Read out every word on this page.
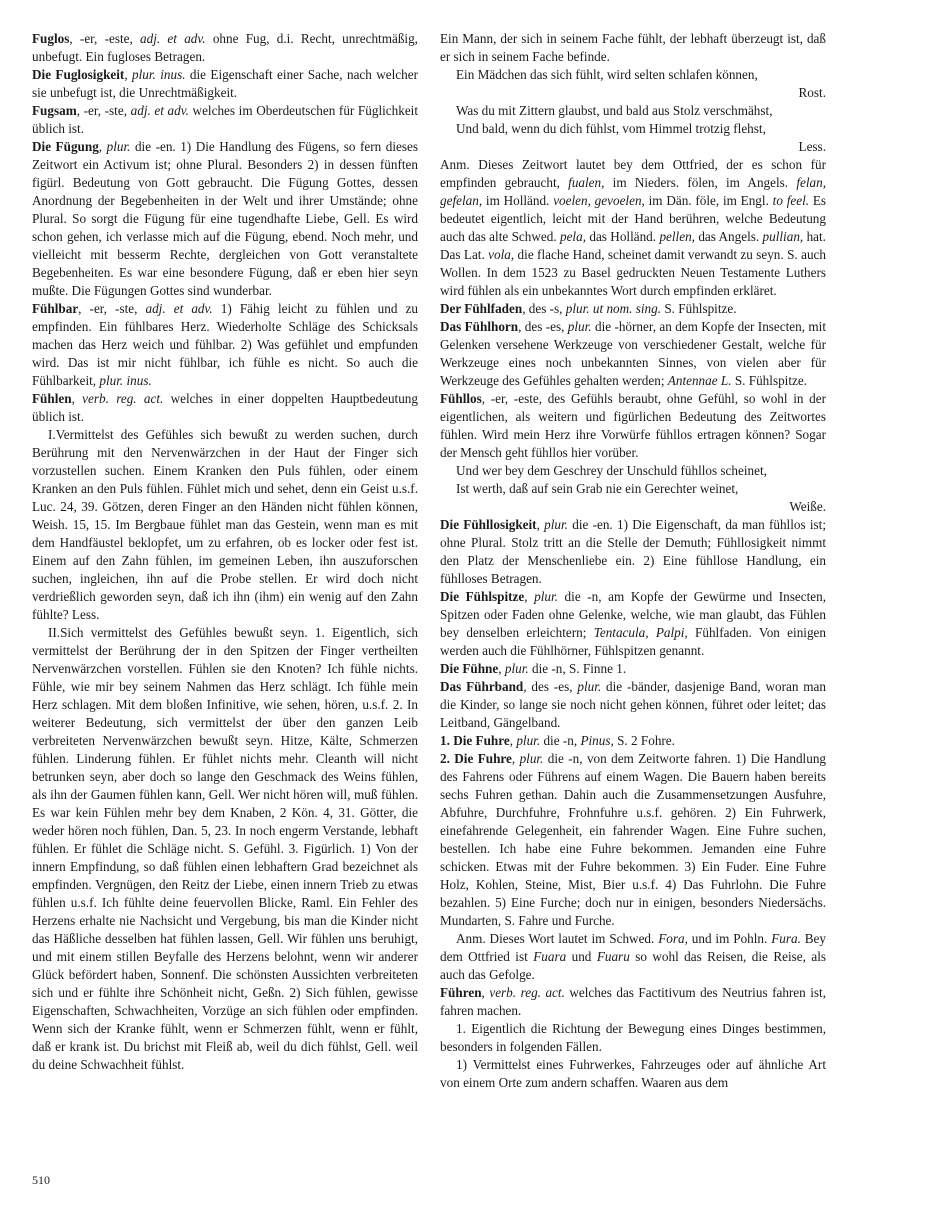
Fuglos, -er, -este, adj. et adv. ohne Fug, d.i. Recht, unrechtmäßig, unbefugt. Ein fugloses Betragen.

Die Fuglosigkeit, plur. inus. die Eigenschaft einer Sache, nach welcher sie unbefugt ist, die Unrechtmäßigkeit.

Fugsam, -er, -ste, adj. et adv. welches im Oberdeutschen für Füglichkeit üblich ist.

Die Fügung, plur. die -en. 1) Die Handlung des Fügens, so fern dieses Zeitwort ein Activum ist; ohne Plural. Besonders 2) in dessen fünften figürl. Bedeutung von Gott gebraucht. Die Fügung Gottes, dessen Anordnung der Begebenheiten in der Welt und ihrer Umstände; ohne Plural. So sorgt die Fügung für eine tugendhafte Liebe, Gell. Es wird schon gehen, ich verlasse mich auf die Fügung, ebend. Noch mehr, und vielleicht mit besserm Rechte, dergleichen von Gott veranstaltete Begebenheiten. Es war eine besondere Fügung, daß er eben hier seyn mußte. Die Fügungen Gottes sind wunderbar.

Fühlbar, -er, -ste, adj. et adv. 1) Fähig leicht zu fühlen und zu empfinden. Ein fühlbares Herz. Wiederholte Schläge des Schicksals machen das Herz weich und fühlbar. 2) Was gefühlet und empfunden wird. Das ist mir nicht fühlbar, ich fühle es nicht. So auch die Fühlbarkeit, plur. inus.

Fühlen, verb. reg. act. welches in einer doppelten Hauptbedeutung üblich ist.

I.Vermittelst des Gefühles sich bewußt zu werden suchen, durch Berührung mit den Nervenwärzchen in der Haut der Finger sich vorzustellen suchen. Einem Kranken den Puls fühlen, oder einem Kranken an den Puls fühlen. Fühlet mich und sehet, denn ein Geist u.s.f. Luc. 24, 39. Götzen, deren Finger an den Händen nicht fühlen können, Weish. 15, 15. Im Bergbaue fühlet man das Gestein, wenn man es mit dem Handfäustel beklopfet, um zu erfahren, ob es locker oder fest ist. Einem auf den Zahn fühlen, im gemeinen Leben, ihn auszuforschen suchen, ingleichen, ihn auf die Probe stellen. Er wird doch nicht verdrießlich geworden seyn, daß ich ihn (ihm) ein wenig auf den Zahn fühlte? Less.

II.Sich vermittelst des Gefühles bewußt seyn. 1. Eigentlich, sich vermittelst der Berührung der in den Spitzen der Finger vertheilten Nervenwärzchen vorstellen. Fühlen sie den Knoten? Ich fühle nichts. Fühle, wie mir bey seinem Nahmen das Herz schlägt. Ich fühle mein Herz schlagen. Mit dem bloßen Infinitive, wie sehen, hören, u.s.f. 2. In weiterer Bedeutung, sich vermittelst der über den ganzen Leib verbreiteten Nervenwärzchen bewußt seyn. Hitze, Kälte, Schmerzen fühlen. Linderung fühlen. Er fühlet nichts mehr. Cleanth will nicht betrunken seyn, aber doch so lange den Geschmack des Weins fühlen, als ihn der Gaumen fühlen kann, Gell. Wer nicht hören will, muß fühlen. Es war kein Fühlen mehr bey dem Knaben, 2 Kön. 4, 31. Götter, die weder hören noch fühlen, Dan. 5, 23. In noch engerm Verstande, lebhaft fühlen. Er fühlet die Schläge nicht. S. Gefühl. 3. Figürlich. 1) Von der innern Empfindung, so daß fühlen einen lebhaftern Grad bezeichnet als empfinden. Vergnügen, den Reitz der Liebe, einen innern Trieb zu etwas fühlen u.s.f. Ich fühlte deine feuervollen Blicke, Raml. Ein Fehler des Herzens erhalte nie Nachsicht und Vergebung, bis man die Kinder nicht das Häßliche desselben hat fühlen lassen, Gell. Wir fühlen uns beruhigt, und mit einem stillen Beyfalle des Herzens belohnt, wenn wir anderer Glück befördert haben, Sonnenf. Die schönsten Aussichten verbreiteten sich und er fühlte ihre Schönheit nicht, Geßn. 2) Sich fühlen, gewisse Eigenschaften, Schwachheiten, Vorzüge an sich fühlen oder empfinden. Wenn sich der Kranke fühlt, wenn er Schmerzen fühlt, wenn er fühlt, daß er krank ist. Du brichst mit Fleiß ab, weil du dich fühlst, Gell. weil du deine Schwachheit fühlst.

Ein Mann, der sich in seinem Fache fühlt, der lebhaft überzeugt ist, daß er sich in seinem Fache befinde.

Ein Mädchen das sich fühlt, wird selten schlafen können,

Rost.

Was du mit Zittern glaubst, und bald aus Stolz verschmähst,

Und bald, wenn du dich fühlst, vom Himmel trotzig flehst,

Less.

Anm. Dieses Zeitwort lautet bey dem Ottfried, der es schon für empfinden gebraucht, fualen, im Nieders. fölen, im Angels. felan, gefelan, im Holländ. voelen, gevoelen, im Dän. föle, im Engl. to feel. Es bedeutet eigentlich, leicht mit der Hand berühren, welche Bedeutung auch das alte Schwed. pela, das Holländ. pellen, das Angels. pullian, hat. Das Lat. vola, die flache Hand, scheinet damit verwandt zu seyn. S. auch Wollen. In dem 1523 zu Basel gedruckten Neuen Testamente Luthers wird fühlen als ein unbekanntes Wort durch empfinden erkläret.

Der Fühlfaden, des -s, plur. ut nom. sing. S. Fühlspitze.

Das Fühlhorn, des -es, plur. die -hörner, an dem Kopfe der Insecten, mit Gelenken versehene Werkzeuge von verschiedener Gestalt, welche für Werkzeuge eines noch unbekannten Sinnes, von vielen aber für Werkzeuge des Gefühles gehalten werden; Antennae L. S. Fühlspitze.

Fühllos, -er, -este, des Gefühls beraubt, ohne Gefühl, so wohl in der eigentlichen, als weitern und figürlichen Bedeutung des Zeitwortes fühlen. Wird mein Herz ihre Vorwürfe fühllos ertragen können? Sogar der Mensch geht fühllos hier vorüber.

Und wer bey dem Geschrey der Unschuld fühllos scheinet,

Ist werth, daß auf sein Grab nie ein Gerechter weinet,

Weiße.

Die Fühllosigkeit, plur. die -en. 1) Die Eigenschaft, da man fühllos ist; ohne Plural. Stolz tritt an die Stelle der Demuth; Fühllosigkeit nimmt den Platz der Menschenliebe ein. 2) Eine fühllose Handlung, ein fühlloses Betragen.

Die Fühlspitze, plur. die -n, am Kopfe der Gewürme und Insecten, Spitzen oder Faden ohne Gelenke, welche, wie man glaubt, das Fühlen bey denselben erleichtern; Tentacula, Palpi, Fühlfaden. Von einigen werden auch die Fühlhörner, Fühlspitzen genannt.

Die Fühne, plur. die -n, S. Finne 1.

Das Führband, des -es, plur. die -bänder, dasjenige Band, woran man die Kinder, so lange sie noch nicht gehen können, führet oder leitet; das Leitband, Gängelband.

1. Die Fuhre, plur. die -n, Pinus, S. 2 Fohre.

2. Die Fuhre, plur. die -n, von dem Zeitworte fahren. 1) Die Handlung des Fahrens oder Führens auf einem Wagen. Die Bauern haben bereits sechs Fuhren gethan. Dahin auch die Zusammensetzungen Ausfuhre, Abfuhre, Durchfuhre, Frohnfuhre u.s.f. gehören. 2) Ein Fuhrwerk, einefahrende Gelegenheit, ein fahrender Wagen. Eine Fuhre suchen, bestellen. Ich habe eine Fuhre bekommen. Jemanden eine Fuhre schicken. Etwas mit der Fuhre bekommen. 3) Ein Fuder. Eine Fuhre Holz, Kohlen, Steine, Mist, Bier u.s.f. 4) Das Fuhrlohn. Die Fuhre bezahlen. 5) Eine Furche; doch nur in einigen, besonders Niedersächs. Mundarten, S. Fahre und Furche.

Anm. Dieses Wort lautet im Schwed. Fora, und im Pohln. Fura. Bey dem Ottfried ist Fuara und Fuaru so wohl das Reisen, die Reise, als auch das Gefolge.

Führen, verb. reg. act. welches das Factitivum des Neutrius fahren ist, fahren machen.

1. Eigentlich die Richtung der Bewegung eines Dinges bestimmen, besonders in folgenden Fällen.

1) Vermittelst eines Fuhrwerkes, Fahrzeuges oder auf ähnliche Art von einem Orte zum andern schaffen. Waaren aus dem

510
